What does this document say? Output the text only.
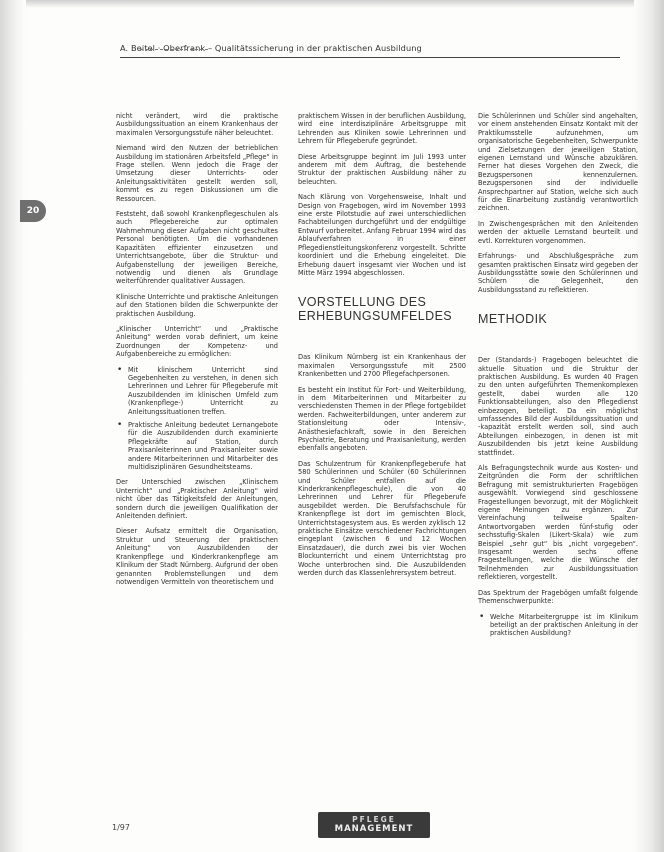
A. Beitel · Oberfrank – Qualitätssicherung in der praktischen Ausbildung
20

nicht verändert, wird die praktische Ausbildungssituation an einem Krankenhaus der maximalen Versorgungsstufe näher beleuchtet.

Niemand wird den Nutzen der betrieblichen Ausbildung im stationären Arbeitsfeld „Pflege“ in Frage stellen. Wenn jedoch die Frage der Umsetzung dieser Unterrichts- oder Anleitungsaktivitäten gestellt werden soll, kommt es zu regen Diskussionen um die Ressourcen.

Feststeht, daß sowohl Krankenpflegeschulen als auch Pflegebereiche zur optimalen Wahrnehmung dieser Aufgaben nicht geschultes Personal benötigten. Um die vorhandenen Kapazitäten effizienter einzusetzen und Unterrichtsangebote, über die Struktur- und Aufgabenstellung der jeweiligen Bereiche, notwendig und dienen als Grundlage weiterführender qualitativer Aussagen.

Klinische Unterrichte und praktische Anleitungen auf den Stationen bilden die Schwerpunkte der praktischen Ausbildung.

„Klinischer Unterricht“ und „Praktische Anleitung“ werden vorab definiert, um keine Zuordnungen der Kompetenz- und Aufgabenbereiche zu ermöglichen:

• Mit klinischem Unterricht sind Gegebenheiten zu verstehen, in denen sich Lehrerinnen und Lehrer für Pflegeberufe mit Auszubildenden im klinischen Umfeld zum (Krankenpflege-) Unterricht zu Anleitungssituationen treffen.
• Praktische Anleitung bedeutet Lernangebote für die Auszubildenden durch examinierte Pflegekräfte auf Station, durch Praxisanleiterinnen und Praxisanleiter sowie andere Mitarbeiterinnen und Mitarbeiter des multidisziplinären Gesundheitsteams.

Der Unterschied zwischen „Klinischem Unterricht“ und „Praktischer Anleitung“ wird nicht über das Tätigkeitsfeld der Anleitungen, sondern durch die jeweiligen Qualifikation der Anleitenden definiert.

Dieser Aufsatz ermittelt die Organisation, Struktur und Steuerung der praktischen Anleitung“ von Auszubildenden der Krankenpflege und Kinderkrankenpflege am Klinikum der Stadt Nürnberg. Aufgrund der oben genannten Problemstellungen und dem notwendigen Vermitteln von theoretischem und

praktischem Wissen in der beruflichen Ausbildung, wird eine interdisziplinäre Arbeitsgruppe mit Lehrenden aus Kliniken sowie Lehrerinnen und Lehrern für Pflegeberufe gegründet.

Diese Arbeitsgruppe beginnt im Juli 1993 unter anderem mit dem Auftrag, die bestehende Struktur der praktischen Ausbildung näher zu beleuchten.

Nach Klärung von Vorgehensweise, Inhalt und Design von Fragebogen, wird im November 1993 eine erste Pilotstudie auf zwei unterschiedlichen Fachabteilungen durchgeführt und der endgültige Entwurf vorbereitet. Anfang Februar 1994 wird das Ablaufverfahren in einer Pflegedienstleitungskonferenz vorgestellt. Schritte koordiniert und die Erhebung eingeleitet. Die Erhebung dauert insgesamt vier Wochen und ist Mitte März 1994 abgeschlossen.

VORSTELLUNG DES ERHEBUNGSUMFELDES

Das Klinikum Nürnberg ist ein Krankenhaus der maximalen Versorgungsstufe mit 2500 Krankenbetten und 2700 Pflegefachpersonen.

Es besteht ein Institut für Fort- und Weiterbildung, in dem Mitarbeiterinnen und Mitarbeiter zu verschiedensten Themen in der Pflege fortgebildet werden. Fachweiterbildungen, unter anderem zur Stationsleitung oder Intensiv-, Anästhesiefachkraft, sowie in den Bereichen Psychiatrie, Beratung und Praxisanleitung, werden ebenfalls angeboten.

Das Schulzentrum für Krankenpflegeberufe hat 580 Schülerinnen und Schüler (60 Schülerinnen und Schüler entfallen auf die Kinderkrankenpflegeschule), die von 40 Lehrerinnen und Lehrer für Pflegeberufe ausgebildet werden. Die Berufsfachschule für Krankenpflege ist dort im gemischten Block, Unterrichtstagesystem aus. Es werden zyklisch 12 praktische Einsätze verschiedener Fachrichtungen eingeplant (zwischen 6 und 12 Wochen Einsatzdauer), die durch zwei bis vier Wochen Blockunterricht und einem Unterrichtstag pro Woche unterbrochen sind. Die Auszubildenden werden durch das Klassenlehrersystem betreut.

Die Schülerinnen und Schüler sind angehalten, vor einem anstehenden Einsatz Kontakt mit der Praktikumsstelle aufzunehmen, um organisatorische Gegebenheiten, Schwerpunkte und Zielsetzungen der jeweiligen Station, eigenen Lernstand und Wünsche abzuklären. Ferner hat dieses Vorgehen den Zweck, die Bezugspersonen kennenzulernen. Bezugspersonen sind der individuelle Ansprechpartner auf Station, welche sich auch für die Einarbeitung zuständig verantwortlich zeichnen.

In Zwischengesprächen mit den Anleitenden werden der aktuelle Lernstand beurteilt und evtl. Korrekturen vorgenommen.

Erfahrungs- und Abschlußgespräche zum gesamten praktischen Einsatz wird gegeben der Ausbildungsstätte sowie den Schülerinnen und Schülern die Gelegenheit, den Ausbildungsstand zu reflektieren.

METHODIK

Der (Standards-) Fragebogen beleuchtet die aktuelle Situation und die Struktur der praktischen Ausbildung. Es wurden 40 Fragen zu den unten aufgeführten Themenkomplexen gestellt, dabei wurden alle 120 Funktionsabteilungen, also den Pflegedienst einbezogen, beteiligt. Da ein möglichst umfassendes Bild der Ausbildungssituation und -kapazität erstellt werden soll, sind auch Abteilungen einbezogen, in denen ist mit Auszubildenden bis jetzt keine Ausbildung stattfindet.

Als Befragungstechnik wurde aus Kosten- und Zeitgründen die Form der schriftlichen Befragung mit semistrukturierten Fragebögen ausgewählt. Vorwiegend sind geschlossene Fragestellungen bevorzugt, mit der Möglichkeit eigene Meinungen zu ergänzen. Zur Vereinfachung teilweise Spalten-Antwortvorgaben werden fünf-stufig oder sechsstufig-Skalen (Likert-Skala) wie zum Beispiel „sehr gut“ bis „nicht vorgegeben“. Insgesamt werden sechs offene Fragestellungen, welche die Wünsche der Teilnehmenden zur Ausbildungssituation reflektieren, vorgestellt.

Das Spektrum der Fragebögen umfaßt folgende Themenschwerpunkte:

• Welche Mitarbeitergruppe ist im Klinikum beteiligt an der praktischen Anleitung in der praktischen Ausbildung?
1/97
PFLEGE
MANAGEMENT
